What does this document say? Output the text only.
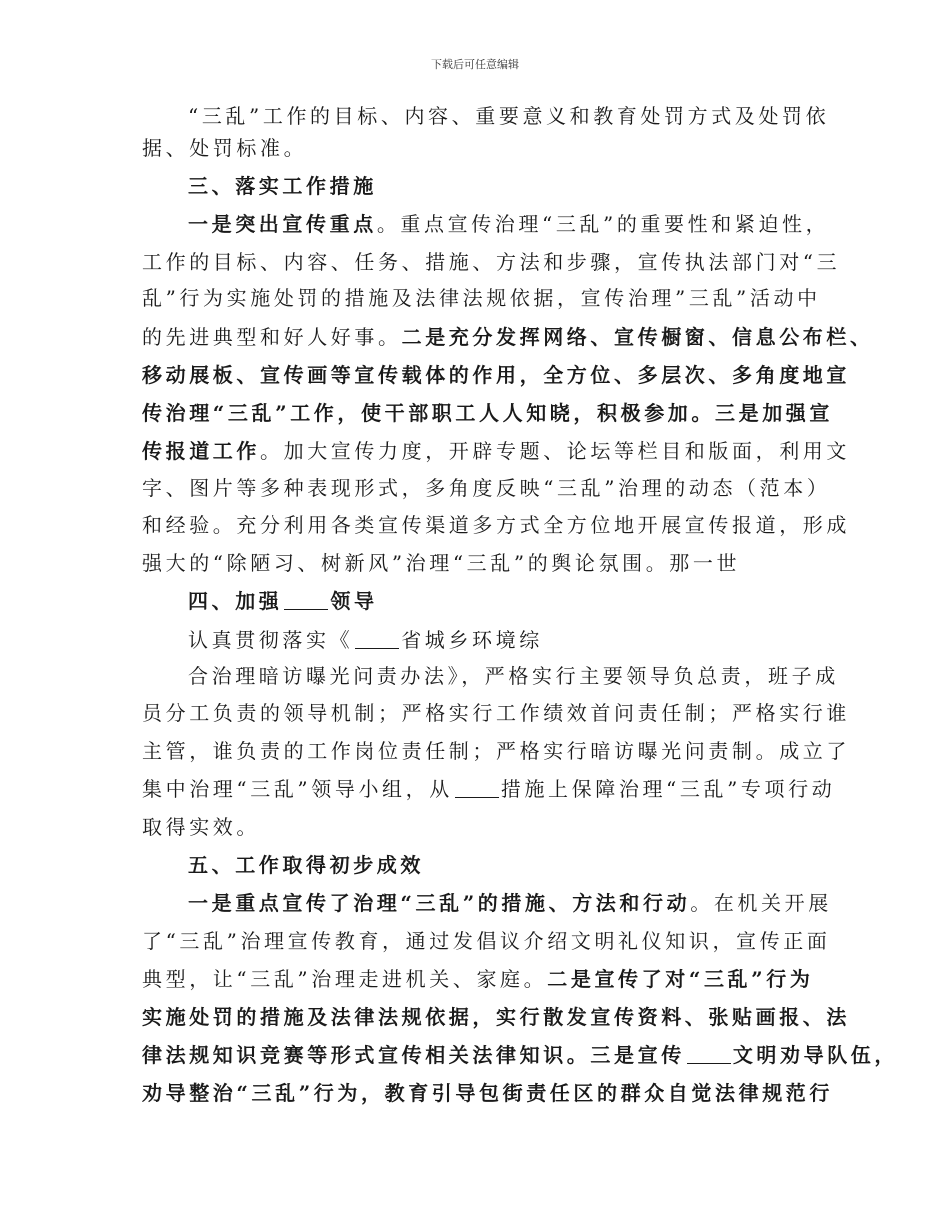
下载后可任意编辑
“三乱”工作的目标、内容、重要意义和教育处罚方式及处罚依
据、处罚标准。
三、落实工作措施
一是突出宣传重点。重点宣传治理“三乱”的重要性和紧迫性，
工作的目标、内容、任务、措施、方法和步骤，宣传执法部门对“三
乱”行为实施处罚的措施及法律法规依据，宣传治理”三乱”活动中
的先进典型和好人好事。二是充分发挥网络、宣传橱窗、信息公布栏、
移动展板、宣传画等宣传载体的作用，全方位、多层次、多角度地宣
传治理“三乱”工作，使干部职工人人知晓，积极参加。三是加强宣
传报道工作。加大宣传力度，开辟专题、论坛等栏目和版面，利用文
字、图片等多种表现形式，多角度反映“三乱”治理的动态（范本）
和经验。充分利用各类宣传渠道多方式全方位地开展宣传报道，形成
强大的“除陋习、树新风”治理“三乱”的舆论氛围。那一世
四、加强 领导
认真贯彻落实《 省城乡环境综
合治理暗访曝光问责办法》，严格实行主要领导负总责，班子成
员分工负责的领导机制；严格实行工作绩效首问责任制；严格实行谁
主管，谁负责的工作岗位责任制；严格实行暗访曝光问责制。成立了
集中治理“三乱”领导小组，从 措施上保障治理“三乱”专项行动
取得实效。
五、工作取得初步成效
一是重点宣传了治理“三乱”的措施、方法和行动。在机关开展
了“三乱”治理宣传教育，通过发倡议介绍文明礼仪知识，宣传正面
典型，让“三乱”治理走进机关、家庭。二是宣传了对“三乱”行为
实施处罚的措施及法律法规依据，实行散发宣传资料、张贴画报、法
律法规知识竞赛等形式宣传相关法律知识。三是宣传 文明劝导队伍，
劝导整治“三乱”行为，教育引导包街责任区的群众自觉法律规范行
